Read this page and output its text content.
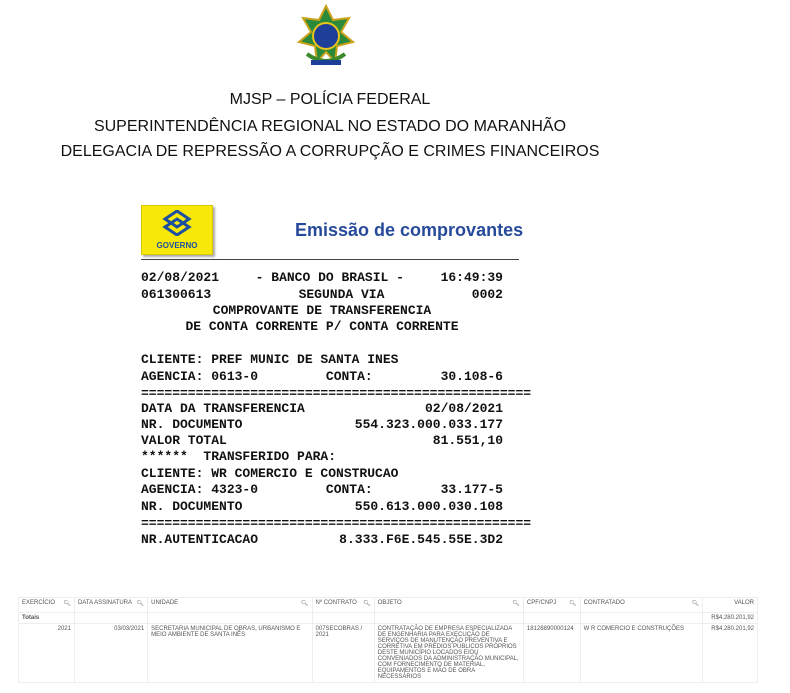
MJSP – POLÍCIA FEDERAL
SUPERINTENDÊNCIA REGIONAL NO ESTADO DO MARANHÃO
DELEGACIA DE REPRESSÃO A CORRUPÇÃO E CRIMES FINANCEIROS
GOVERNO
Emissão de comprovantes
02/08/2021	- BANCO DO BRASIL -	16:49:39
061300613	SEGUNDA VIA	0002
COMPROVANTE DE TRANSFERENCIA
DE CONTA CORRENTE P/ CONTA CORRENTE
CLIENTE: PREF MUNIC DE SANTA INES
AGENCIA: 0613-0	CONTA:	30.108-6
==================================================
DATA DA TRANSFERENCIA	02/08/2021
NR. DOCUMENTO	554.323.000.033.177
VALOR TOTAL	81.551,10
******  TRANSFERIDO PARA:
CLIENTE: WR COMERCIO E CONSTRUCAO
AGENCIA: 4323-0	CONTA:	33.177-5
NR. DOCUMENTO	550.613.000.030.108
==================================================
NR.AUTENTICACAO	8.333.F6E.545.55E.3D2
EXERCÍCIO 🔍︎	DATA ASSINATURA 🔍︎	UNIDADE 🔍︎	Nº CONTRATO 🔍︎	OBJETO 🔍︎	CPF/CNPJ 🔍︎	CONTRATADO 🔍︎	VALOR
Totais							R$4.280.201,92
2021	03/03/2021	SECRETARIA MUNICIPAL DE OBRAS, URBANISMO E MEIO AMBIENTE DE SANTA INÊS	007SECOBRAS / 2021	CONTRATAÇÃO DE EMPRESA ESPECIALIZADA DE ENGENHARIA PARA EXECUÇÃO DE SERVIÇOS DE MANUTENÇÃO PREVENTIVA E CORRETIVA EM PRÉDIOS PÚBLICOS PRÓPRIOS DESTE MUNICÍPIO LOCADOS E/OU CONVENIADOS DA ADMINISTRAÇÃO MUNICIPAL, COM FORNECIMENTO DE MATERIAL, EQUIPAMENTOS E MÃO DE OBRA NECESSÁRIOS	18128890000124	W R COMERCIO E CONSTRUÇÕES	R$4.280.201,92
